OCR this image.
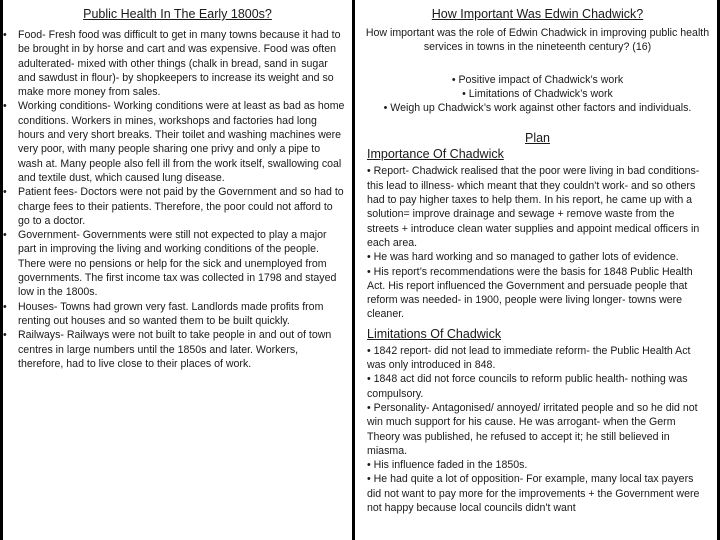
Public Health In The Early 1800s?
• Food- Fresh food was difficult to get in many towns because it had to be brought in by horse and cart and was expensive. Food was often adulterated- mixed with other things (chalk in bread, sand in sugar and sawdust in flour)- by shopkeepers to increase its weight and so make more money from sales.
• Working conditions- Working conditions were at least as bad as home conditions. Workers in mines, workshops and factories had long hours and very short breaks. Their toilet and washing machines were very poor, with many people sharing one privy and only a pipe to wash at. Many people also fell ill from the work itself, swallowing coal and textile dust, which caused lung disease.
• Patient fees- Doctors were not paid by the Government and so had to charge fees to their patients. Therefore, the poor could not afford to go to a doctor.
• Government- Governments were still not expected to play a major part in improving the living and working conditions of the people. There were no pensions or help for the sick and unemployed from governments. The first income tax was collected in 1798 and stayed low in the 1800s.
• Houses- Towns had grown very fast. Landlords made profits from renting out houses and so wanted them to be built quickly.
• Railways- Railways were not built to take people in and out of town centres in large numbers until the 1850s and later. Workers, therefore, had to live close to their places of work.
How Important Was Edwin Chadwick?
How important was the role of Edwin Chadwick in improving public health services in towns in the nineteenth century? (16)
• Positive impact of Chadwick’s work
• Limitations of Chadwick’s work
• Weigh up Chadwick’s work against other factors and individuals.
Plan
Importance Of Chadwick

• Report- Chadwick realised that the poor were living in bad conditions- this lead to illness- which meant that they couldn't work- and so others had to pay higher taxes to help them. In his report, he came up with a solution= improve drainage and sewage + remove waste from the streets + introduce clean water supplies and appoint medical officers in each area.

• He was hard working and so managed to gather lots of evidence.

• His report’s recommendations were the basis for 1848 Public Health Act. His report influenced the Government and persuade people that reform was needed- in 1900, people were living longer- towns were cleaner.

Limitations Of Chadwick

• 1842 report- did not lead to immediate reform- the Public Health Act was only introduced in 848.

• 1848 act did not force councils to reform public health- nothing was compulsory.

• Personality- Antagonised/ annoyed/ irritated people and so he did not win much support for his cause. He was arrogant- when the Germ Theory was published, he refused to accept it; he still believed in miasma.

• His influence faded in the 1850s.

• He had quite a lot of opposition- For example, many local tax payers did not want to pay more for the improvements + the Government were not happy because local councils didn't want
